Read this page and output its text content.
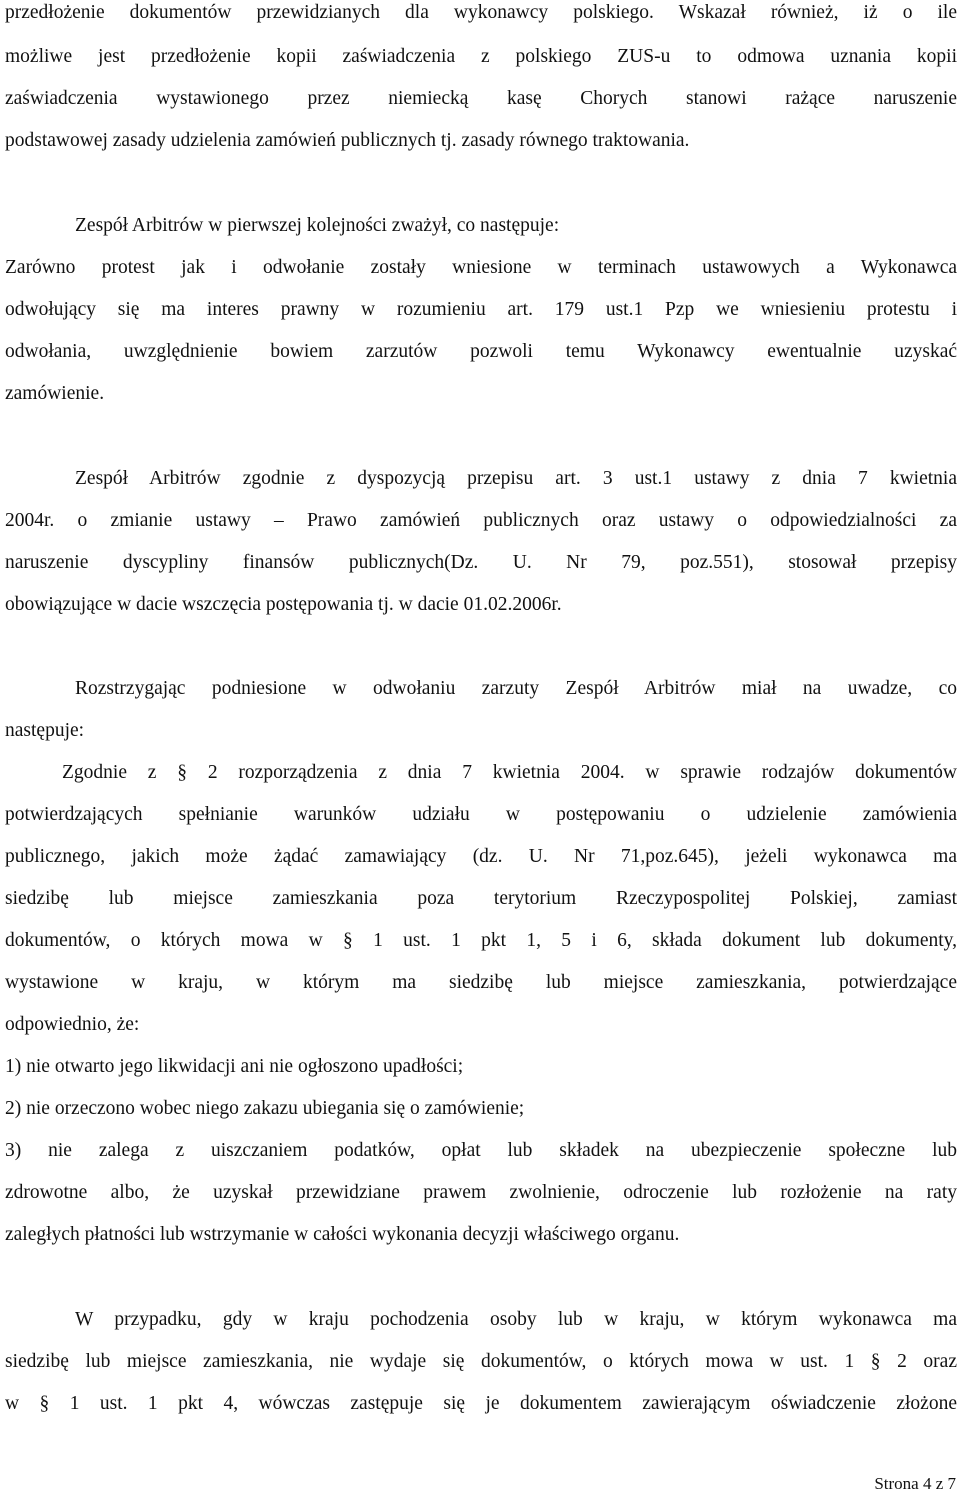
Strona 4 z 7
przedłożenie dokumentów przewidzianych dla wykonawcy polskiego. Wskazał również, iż o ile
możliwe jest przedłożenie kopii zaświadczenia z polskiego ZUS-u to odmowa uznania kopii
zaświadczenia wystawionego przez niemiecką kasę Chorych stanowi rażące naruszenie
podstawowej zasady udzielenia zamówień publicznych tj. zasady równego traktowania.
Zespół Arbitrów w pierwszej kolejności zważył, co następuje:
Zarówno protest jak i odwołanie zostały wniesione w terminach ustawowych a Wykonawca
odwołujący się ma interes prawny w rozumieniu art. 179 ust.1 Pzp we wniesieniu protestu i
odwołania, uwzględnienie bowiem zarzutów pozwoli temu Wykonawcy ewentualnie uzyskać
zamówienie.
Zespół Arbitrów zgodnie z dyspozycją przepisu art. 3 ust.1 ustawy z dnia 7 kwietnia
2004r. o zmianie ustawy – Prawo zamówień publicznych oraz ustawy o odpowiedzialności za
naruszenie dyscypliny finansów publicznych(Dz. U. Nr 79, poz.551), stosował przepisy
obowiązujące w dacie wszczęcia postępowania tj. w dacie 01.02.2006r.
Rozstrzygając podniesione w odwołaniu zarzuty Zespół Arbitrów miał na uwadze, co
następuje:
Zgodnie z § 2 rozporządzenia z dnia 7 kwietnia 2004. w sprawie rodzajów dokumentów
potwierdzających spełnianie warunków udziału w postępowaniu o udzielenie zamówienia
publicznego, jakich może żądać zamawiający (dz. U. Nr 71,poz.645), jeżeli wykonawca ma
siedzibę lub miejsce zamieszkania poza terytorium Rzeczypospolitej Polskiej, zamiast
dokumentów, o których mowa w § 1 ust. 1 pkt 1, 5 i 6, składa dokument lub dokumenty,
wystawione w kraju, w którym ma siedzibę lub miejsce zamieszkania, potwierdzające
odpowiednio, że:
1) nie otwarto jego likwidacji ani nie ogłoszono upadłości;
2) nie orzeczono wobec niego zakazu ubiegania się o zamówienie;
3) nie zalega z uiszczaniem podatków, opłat lub składek na ubezpieczenie społeczne lub
zdrowotne albo, że uzyskał przewidziane prawem zwolnienie, odroczenie lub rozłożenie na raty
zaległych płatności lub wstrzymanie w całości wykonania decyzji właściwego organu.
W przypadku, gdy w kraju pochodzenia osoby lub w kraju, w którym wykonawca ma
siedzibę lub miejsce zamieszkania, nie wydaje się dokumentów, o których mowa w ust. 1 § 2 oraz
w § 1 ust. 1 pkt 4, wówczas zastępuje się je dokumentem zawierającym oświadczenie złożone
